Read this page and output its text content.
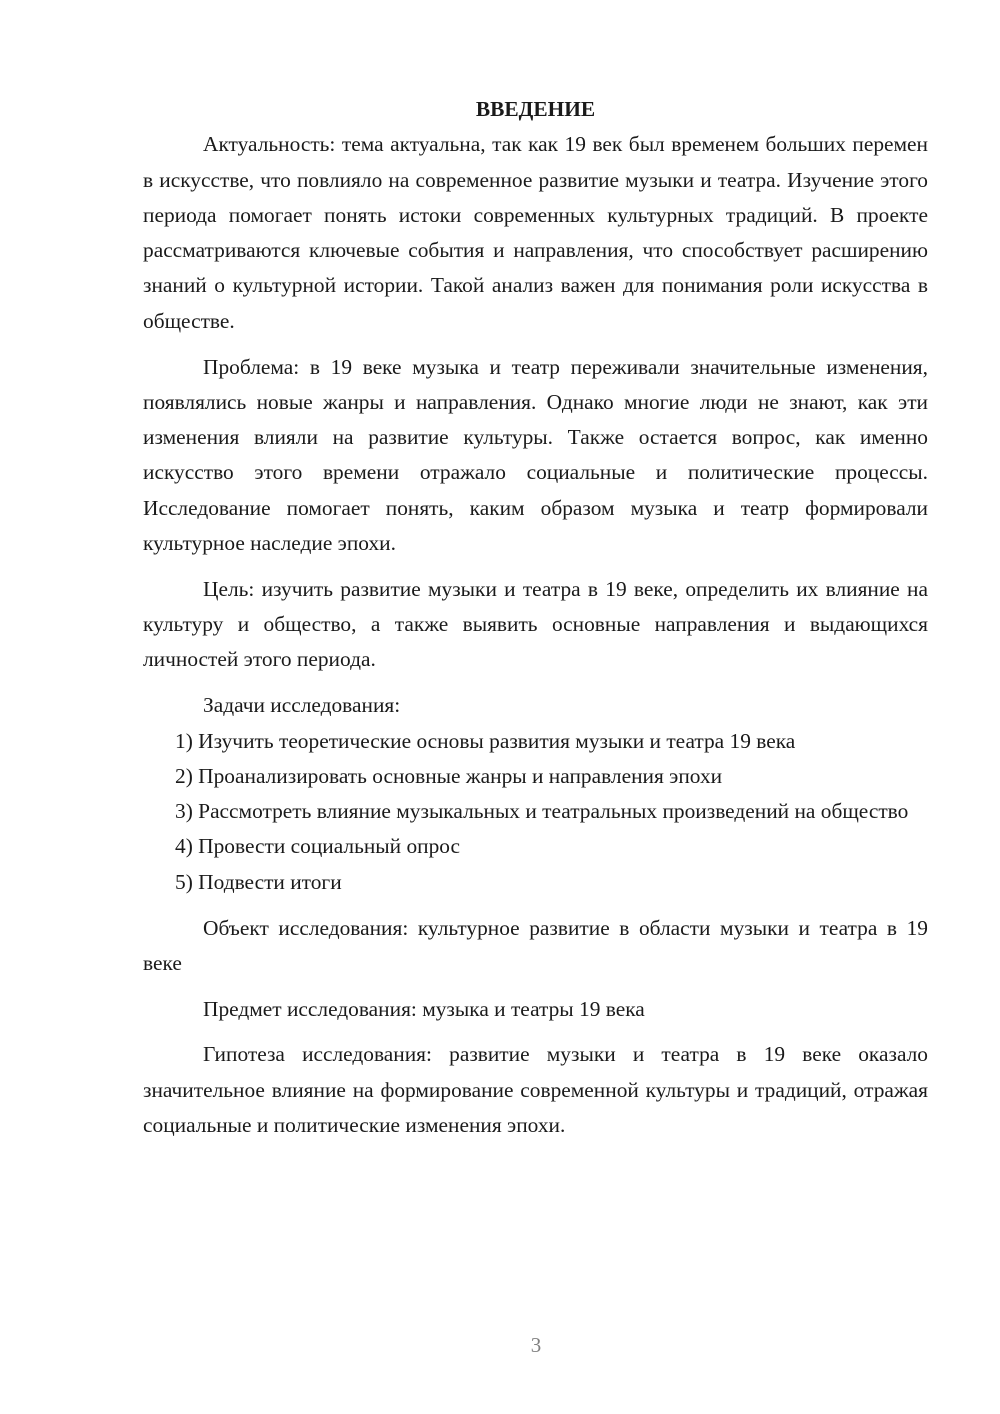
ВВЕДЕНИЕ

Актуальность: тема актуальна, так как 19 век был временем больших перемен в искусстве, что повлияло на современное развитие музыки и театра. Изучение этого периода помогает понять истоки современных культурных традиций. В проекте рассматриваются ключевые события и направления, что способствует расширению знаний о культурной истории. Такой анализ важен для понимания роли искусства в обществе.

Проблема: в 19 веке музыка и театр переживали значительные изменения, появлялись новые жанры и направления. Однако многие люди не знают, как эти изменения влияли на развитие культуры. Также остается вопрос, как именно искусство этого времени отражало социальные и политические процессы. Исследование помогает понять, каким образом музыка и театр формировали культурное наследие эпохи.

Цель: изучить развитие музыки и театра в 19 веке, определить их влияние на культуру и общество, а также выявить основные направления и выдающихся личностей этого периода.

Задачи исследования:

1) Изучить теоретические основы развития музыки и театра 19 века

2) Проанализировать основные жанры и направления эпохи

3) Рассмотреть влияние музыкальных и театральных произведений на общество

4) Провести социальный опрос

5) Подвести итоги

Объект исследования: культурное развитие в области музыки и театра в 19 веке

Предмет исследования: музыка и театры 19 века

Гипотеза исследования: развитие музыки и театра в 19 веке оказало значительное влияние на формирование современной культуры и традиций, отражая социальные и политические изменения эпохи.

3
